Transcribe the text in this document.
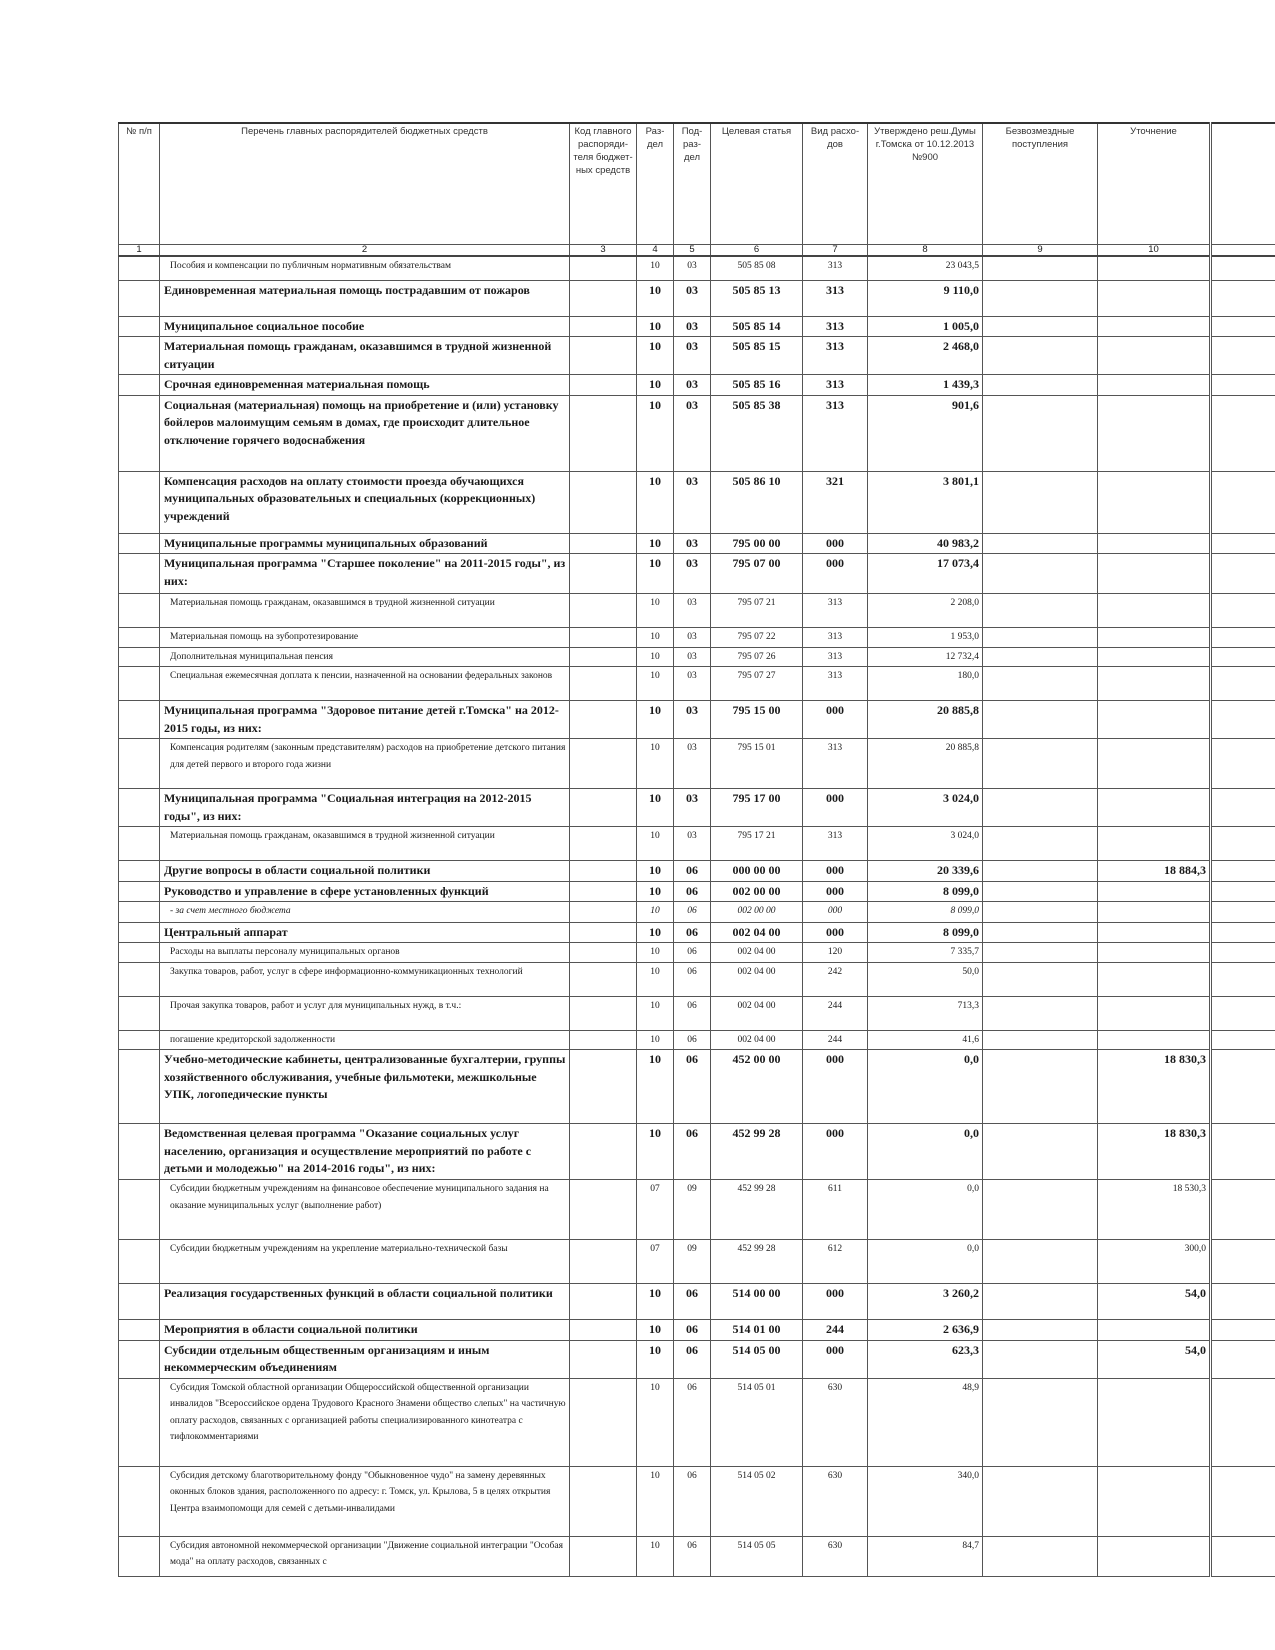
№ п/п	Перечень главных распорядителей бюджетных средств	Код главного распоряди- теля бюджет- ных средств	Раз- дел	Под- раз- дел	Целевая статья	Вид расхо- дов	Утверждено реш.Думы г.Томска от 10.12.2013 №900	Безвозмездные поступления	Уточнение	
1	2	3	4	5	6	7	8	9	10	
	Пособия и компенсации по публичным нормативным обязательствам		10	03	505 85 08	313	23 043,5			
	Единовременная материальная помощь пострадавшим от пожаров		10	03	505 85 13	313	9 110,0			
	Муниципальное социальное пособие		10	03	505 85 14	313	1 005,0			
	Материальная помощь гражданам, оказавшимся в трудной жизненной ситуации		10	03	505 85 15	313	2 468,0			
	Срочная единовременная материальная помощь		10	03	505 85 16	313	1 439,3			
	Социальная (материальная) помощь на приобретение и (или) установку бойлеров малоимущим семьям в домах, где происходит длительное отключение горячего водоснабжения		10	03	505 85 38	313	901,6			
	Компенсация расходов на оплату стоимости проезда обучающихся муниципальных образовательных и специальных (коррекционных) учреждений		10	03	505 86 10	321	3 801,1			
	Муниципальные программы муниципальных образований		10	03	795 00 00	000	40 983,2			
	Муниципальная программа "Старшее поколение" на 2011-2015 годы", из них:		10	03	795 07 00	000	17 073,4			
	Материальная помощь гражданам, оказавшимся в трудной жизненной ситуации		10	03	795 07 21	313	2 208,0			
	Материальная помощь на зубопротезирование		10	03	795 07 22	313	1 953,0			
	Дополнительная муниципальная пенсия		10	03	795 07 26	313	12 732,4			
	Специальная ежемесячная доплата к пенсии, назначенной на основании федеральных законов		10	03	795 07 27	313	180,0			
	Муниципальная программа "Здоровое питание детей г.Томска" на 2012-2015 годы, из них:		10	03	795 15 00	000	20 885,8			
	Компенсация родителям (законным представителям) расходов на приобретение детского питания для детей первого и второго года жизни		10	03	795 15 01	313	20 885,8			
	Муниципальная программа "Социальная интеграция на 2012-2015 годы", из них:		10	03	795 17 00	000	3 024,0			
	Материальная помощь гражданам, оказавшимся в трудной жизненной ситуации		10	03	795 17 21	313	3 024,0			
	Другие вопросы в области социальной политики		10	06	000 00 00	000	20 339,6		18 884,3	
	Руководство и управление в сфере установленных функций		10	06	002 00 00	000	8 099,0			
	- за счет местного бюджета		10	06	002 00 00	000	8 099,0			
	Центральный аппарат		10	06	002 04 00	000	8 099,0			
	Расходы на выплаты персоналу муниципальных органов		10	06	002 04 00	120	7 335,7			
	Закупка товаров, работ, услуг в сфере информационно-коммуникационных технологий		10	06	002 04 00	242	50,0			
	Прочая закупка товаров, работ и услуг для муниципальных нужд, в т.ч.:		10	06	002 04 00	244	713,3			
	погашение кредиторской задолженности		10	06	002 04 00	244	41,6			
	Учебно-методические кабинеты, централизованные бухгалтерии, группы хозяйственного обслуживания, учебные фильмотеки, межшкольные УПК, логопедические пункты		10	06	452 00 00	000	0,0		18 830,3	
	Ведомственная целевая программа "Оказание социальных услуг населению, организация и осуществление мероприятий по работе с детьми и молодежью" на 2014-2016 годы", из них:		10	06	452 99 28	000	0,0		18 830,3	
	Субсидии бюджетным учреждениям на финансовое обеспечение муниципального задания на оказание муниципальных услуг (выполнение работ)		07	09	452 99 28	611	0,0		18 530,3	
	Субсидии бюджетным учреждениям на укрепление материально-технической базы		07	09	452 99 28	612	0,0		300,0	
	Реализация государственных функций в области социальной политики		10	06	514 00 00	000	3 260,2		54,0	
	Мероприятия в области социальной политики		10	06	514 01 00	244	2 636,9			
	Субсидии отдельным общественным организациям и иным некоммерческим объединениям		10	06	514 05 00	000	623,3		54,0	
	Субсидия Томской областной организации Общероссийской общественной организации инвалидов "Всероссийское ордена Трудового Красного Знамени общество слепых" на частичную оплату расходов, связанных с организацией работы специализированного кинотеатра с тифлокомментариями		10	06	514 05 01	630	48,9			
	Субсидия детскому благотворительному фонду "Обыкновенное чудо" на замену деревянных оконных блоков здания, расположенного по адресу: г. Томск, ул. Крылова, 5 в целях открытия Центра взаимопомощи для семей с детьми-инвалидами		10	06	514 05 02	630	340,0			
	Субсидия автономной некоммерческой организации "Движение социальной интеграции "Особая мода" на оплату расходов, связанных с		10	06	514 05 05	630	84,7			
